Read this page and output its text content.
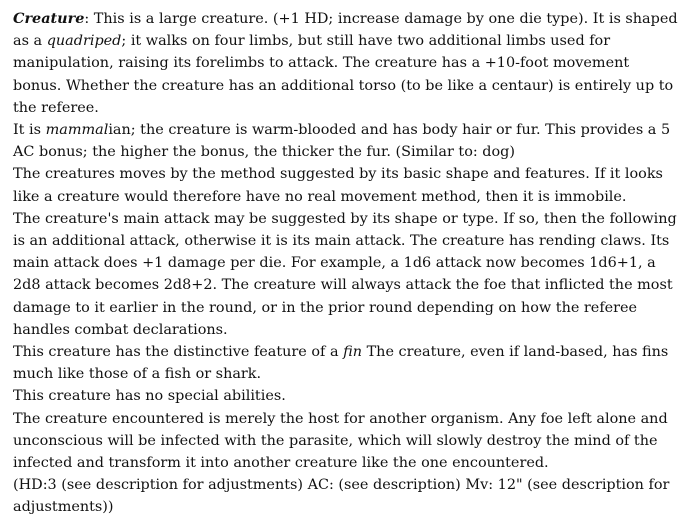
Creature: This is a large creature. (+1 HD; increase damage by one die type). It is shaped as a quadriped; it walks on four limbs, but still have two additional limbs used for manipulation, raising its forelimbs to attack. The creature has a +10-foot movement bonus. Whether the creature has an additional torso (to be like a centaur) is entirely up to the referee.

It is mammalian; the creature is warm-blooded and has body hair or fur. This provides a 5 AC bonus; the higher the bonus, the thicker the fur. (Similar to: dog)

The creatures moves by the method suggested by its basic shape and features. If it looks like a creature would therefore have no real movement method, then it is immobile.

The creature's main attack may be suggested by its shape or type. If so, then the following is an additional attack, otherwise it is its main attack. The creature has rending claws. Its main attack does +1 damage per die. For example, a 1d6 attack now becomes 1d6+1, a 2d8 attack becomes 2d8+2. The creature will always attack the foe that inflicted the most damage to it earlier in the round, or in the prior round depending on how the referee handles combat declarations.

This creature has the distinctive feature of a fin The creature, even if land-based, has fins much like those of a fish or shark.

This creature has no special abilities.

The creature encountered is merely the host for another organism. Any foe left alone and unconscious will be infected with the parasite, which will slowly destroy the mind of the infected and transform it into another creature like the one encountered.

(HD:3 (see description for adjustments) AC: (see description) Mv: 12" (see description for adjustments))
